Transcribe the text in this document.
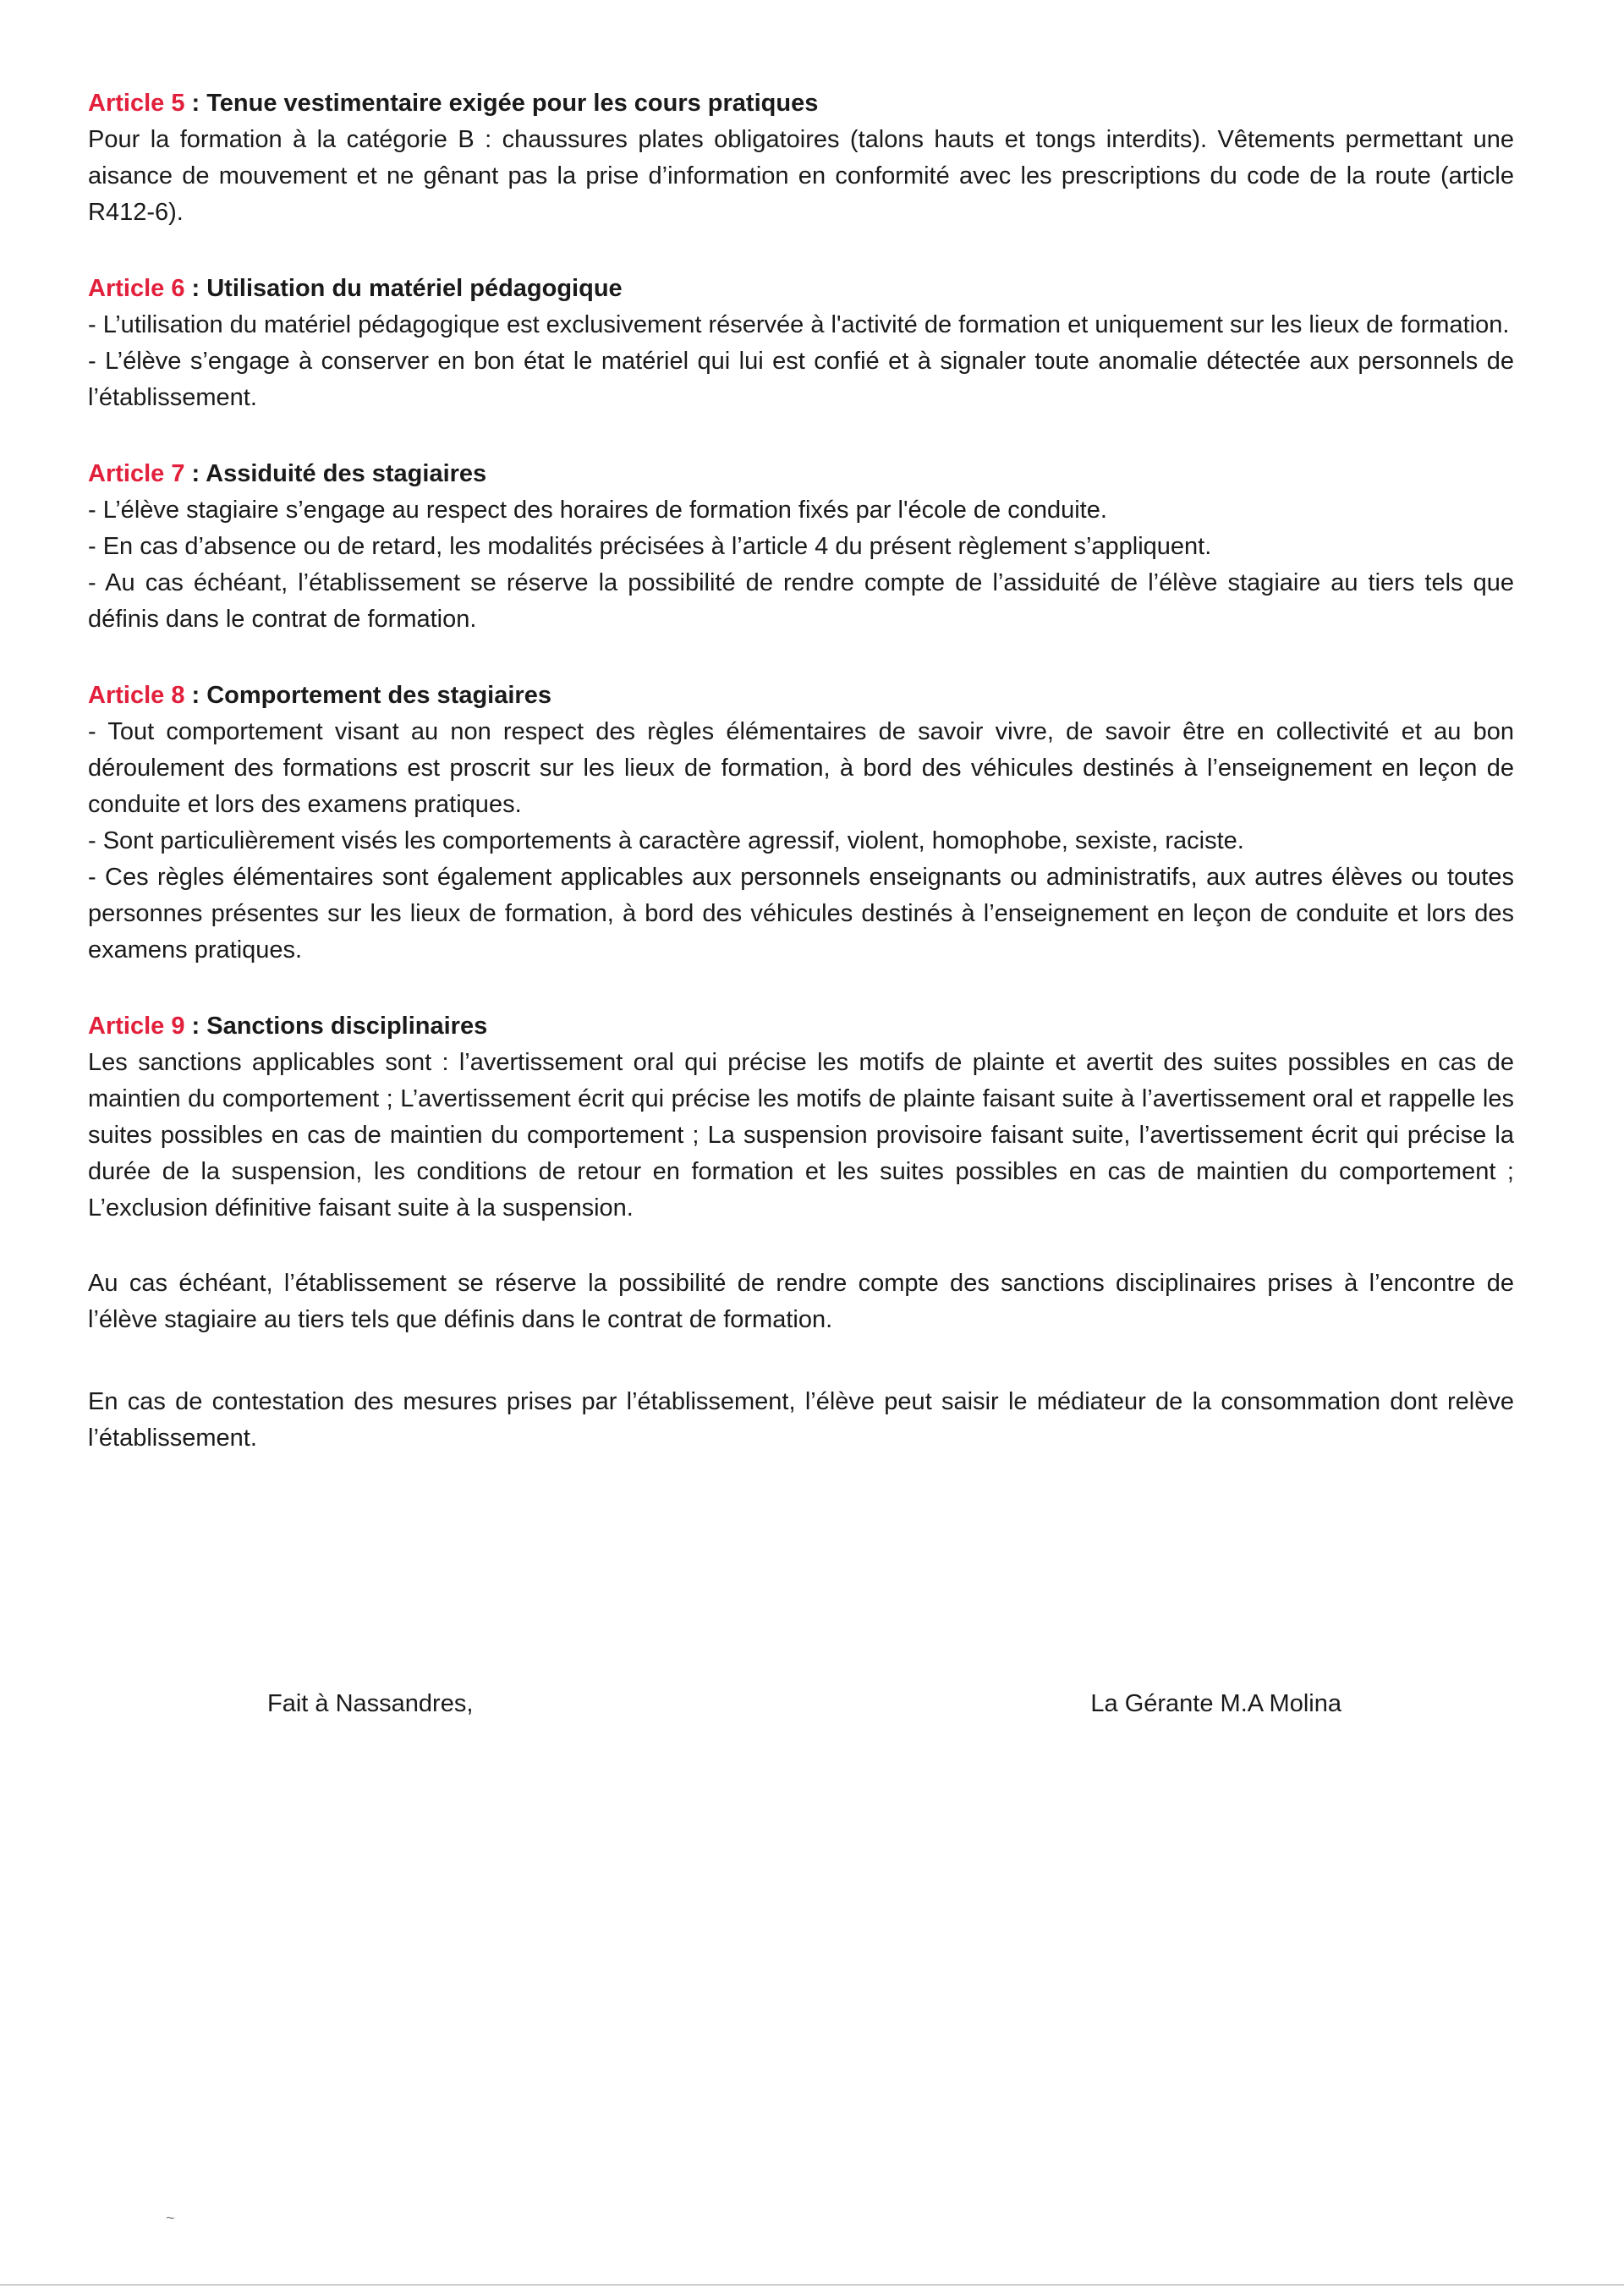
Article 5 : Tenue vestimentaire exigée pour les cours pratiques

Pour la formation à la catégorie B : chaussures plates obligatoires (talons hauts et tongs interdits). Vêtements permettant une aisance de mouvement et ne gênant pas la prise d’information en conformité avec les prescriptions du code de la route (article R412-6).

Article 6 : Utilisation du matériel pédagogique

- L’utilisation du matériel pédagogique est exclusivement réservée à l'activité de formation et uniquement sur les lieux de formation.

- L’élève s’engage à conserver en bon état le matériel qui lui est confié et à signaler toute anomalie détectée aux personnels de l’établissement.

Article 7 : Assiduité des stagiaires

- L’élève stagiaire s’engage au respect des horaires de formation fixés par l'école de conduite.

- En cas d’absence ou de retard, les modalités précisées à l’article 4 du présent règlement s’appliquent.

- Au cas échéant, l’établissement se réserve la possibilité de rendre compte de l’assiduité de l’élève stagiaire au tiers tels que définis dans le contrat de formation.

Article 8 : Comportement des stagiaires

- Tout comportement visant au non respect des règles élémentaires de savoir vivre, de savoir être en collectivité et au bon déroulement des formations est proscrit sur les lieux de formation, à bord des véhicules destinés à l’enseignement en leçon de conduite et lors des examens pratiques.

- Sont particulièrement visés les comportements à caractère agressif, violent, homophobe, sexiste, raciste.

- Ces règles élémentaires sont également applicables aux personnels enseignants ou administratifs, aux autres élèves ou toutes personnes présentes sur les lieux de formation, à bord des véhicules destinés à l’enseignement en leçon de conduite et lors des examens pratiques.

Article 9 : Sanctions disciplinaires

Les sanctions applicables sont : l’avertissement oral qui précise les motifs de plainte et avertit des suites possibles en cas de maintien du comportement ; L’avertissement écrit qui précise les motifs de plainte faisant suite à l’avertissement oral et rappelle les suites possibles en cas de maintien du comportement ; La suspension provisoire faisant suite, l’avertissement écrit qui précise la durée de la suspension, les conditions de retour en formation et les suites possibles en cas de maintien du comportement ; L’exclusion définitive faisant suite à la suspension.

Au cas échéant, l’établissement se réserve la possibilité de rendre compte des sanctions disciplinaires prises à l’encontre de l’élève stagiaire au tiers tels que définis dans le contrat de formation.

En cas de contestation des mesures prises par l’établissement, l’élève peut saisir le médiateur de la consommation dont relève l’établissement.

Fait à Nassandres,	La Gérante M.A Molina
~
